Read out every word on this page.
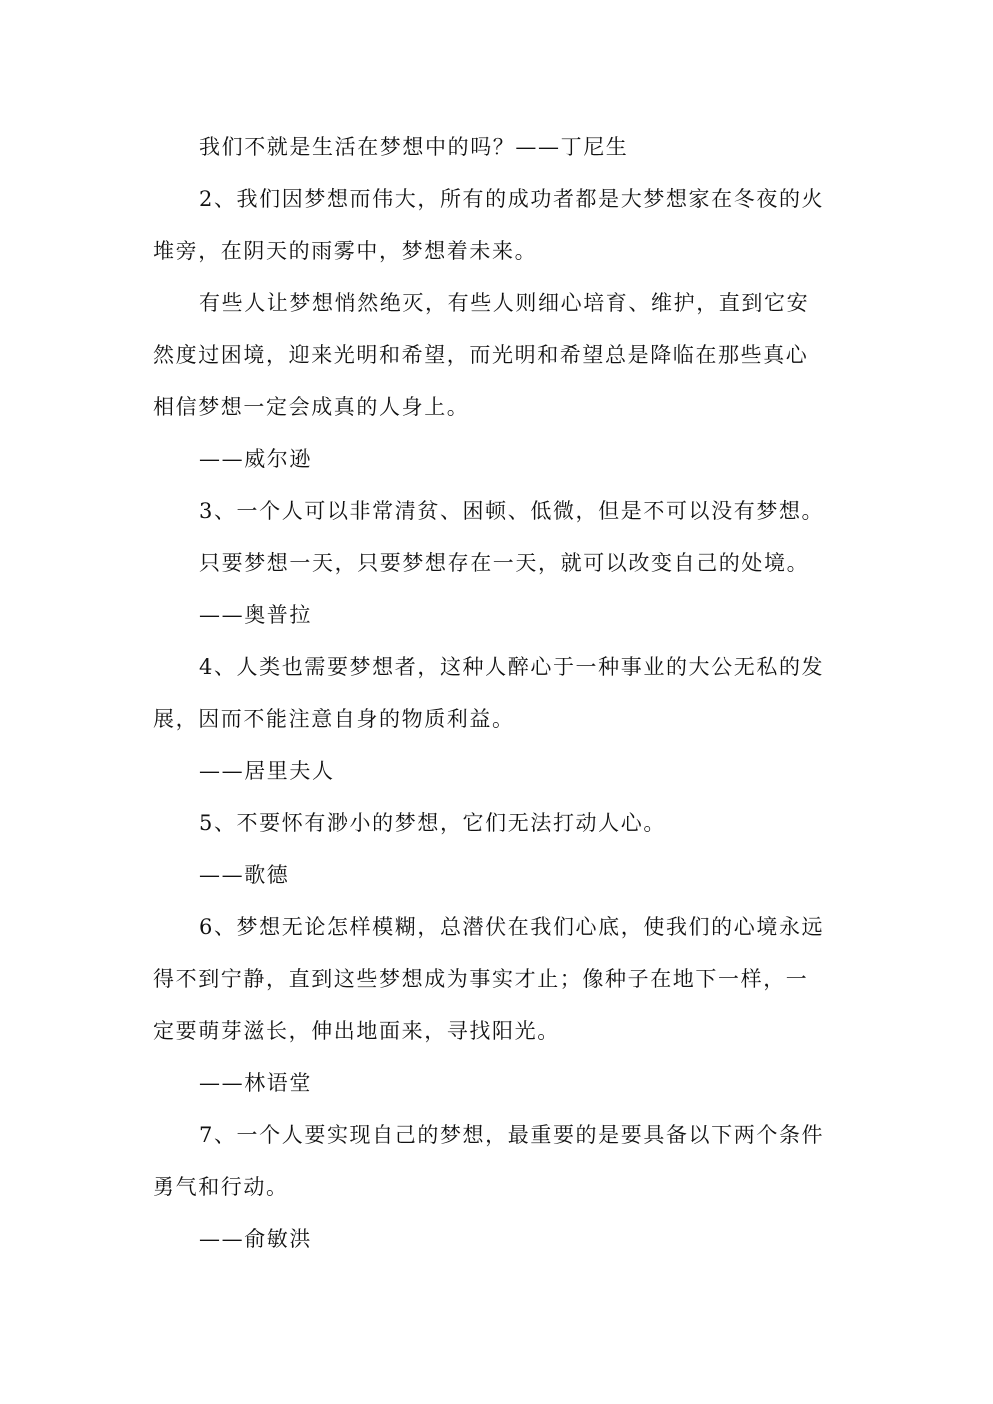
我们不就是生活在梦想中的吗？——丁尼生
2、我们因梦想而伟大，所有的成功者都是大梦想家在冬夜的火
堆旁，在阴天的雨雾中，梦想着未来。
有些人让梦想悄然绝灭，有些人则细心培育、维护，直到它安
然度过困境，迎来光明和希望，而光明和希望总是降临在那些真心
相信梦想一定会成真的人身上。
——威尔逊
3、一个人可以非常清贫、困顿、低微，但是不可以没有梦想。
只要梦想一天，只要梦想存在一天，就可以改变自己的处境。
——奥普拉
4、人类也需要梦想者，这种人醉心于一种事业的大公无私的发
展，因而不能注意自身的物质利益。
——居里夫人
5、不要怀有渺小的梦想，它们无法打动人心。
——歌德
6、梦想无论怎样模糊，总潜伏在我们心底，使我们的心境永远
得不到宁静，直到这些梦想成为事实才止；像种子在地下一样，一
定要萌芽滋长，伸出地面来，寻找阳光。
——林语堂
7、一个人要实现自己的梦想，最重要的是要具备以下两个条件
勇气和行动。
——俞敏洪
